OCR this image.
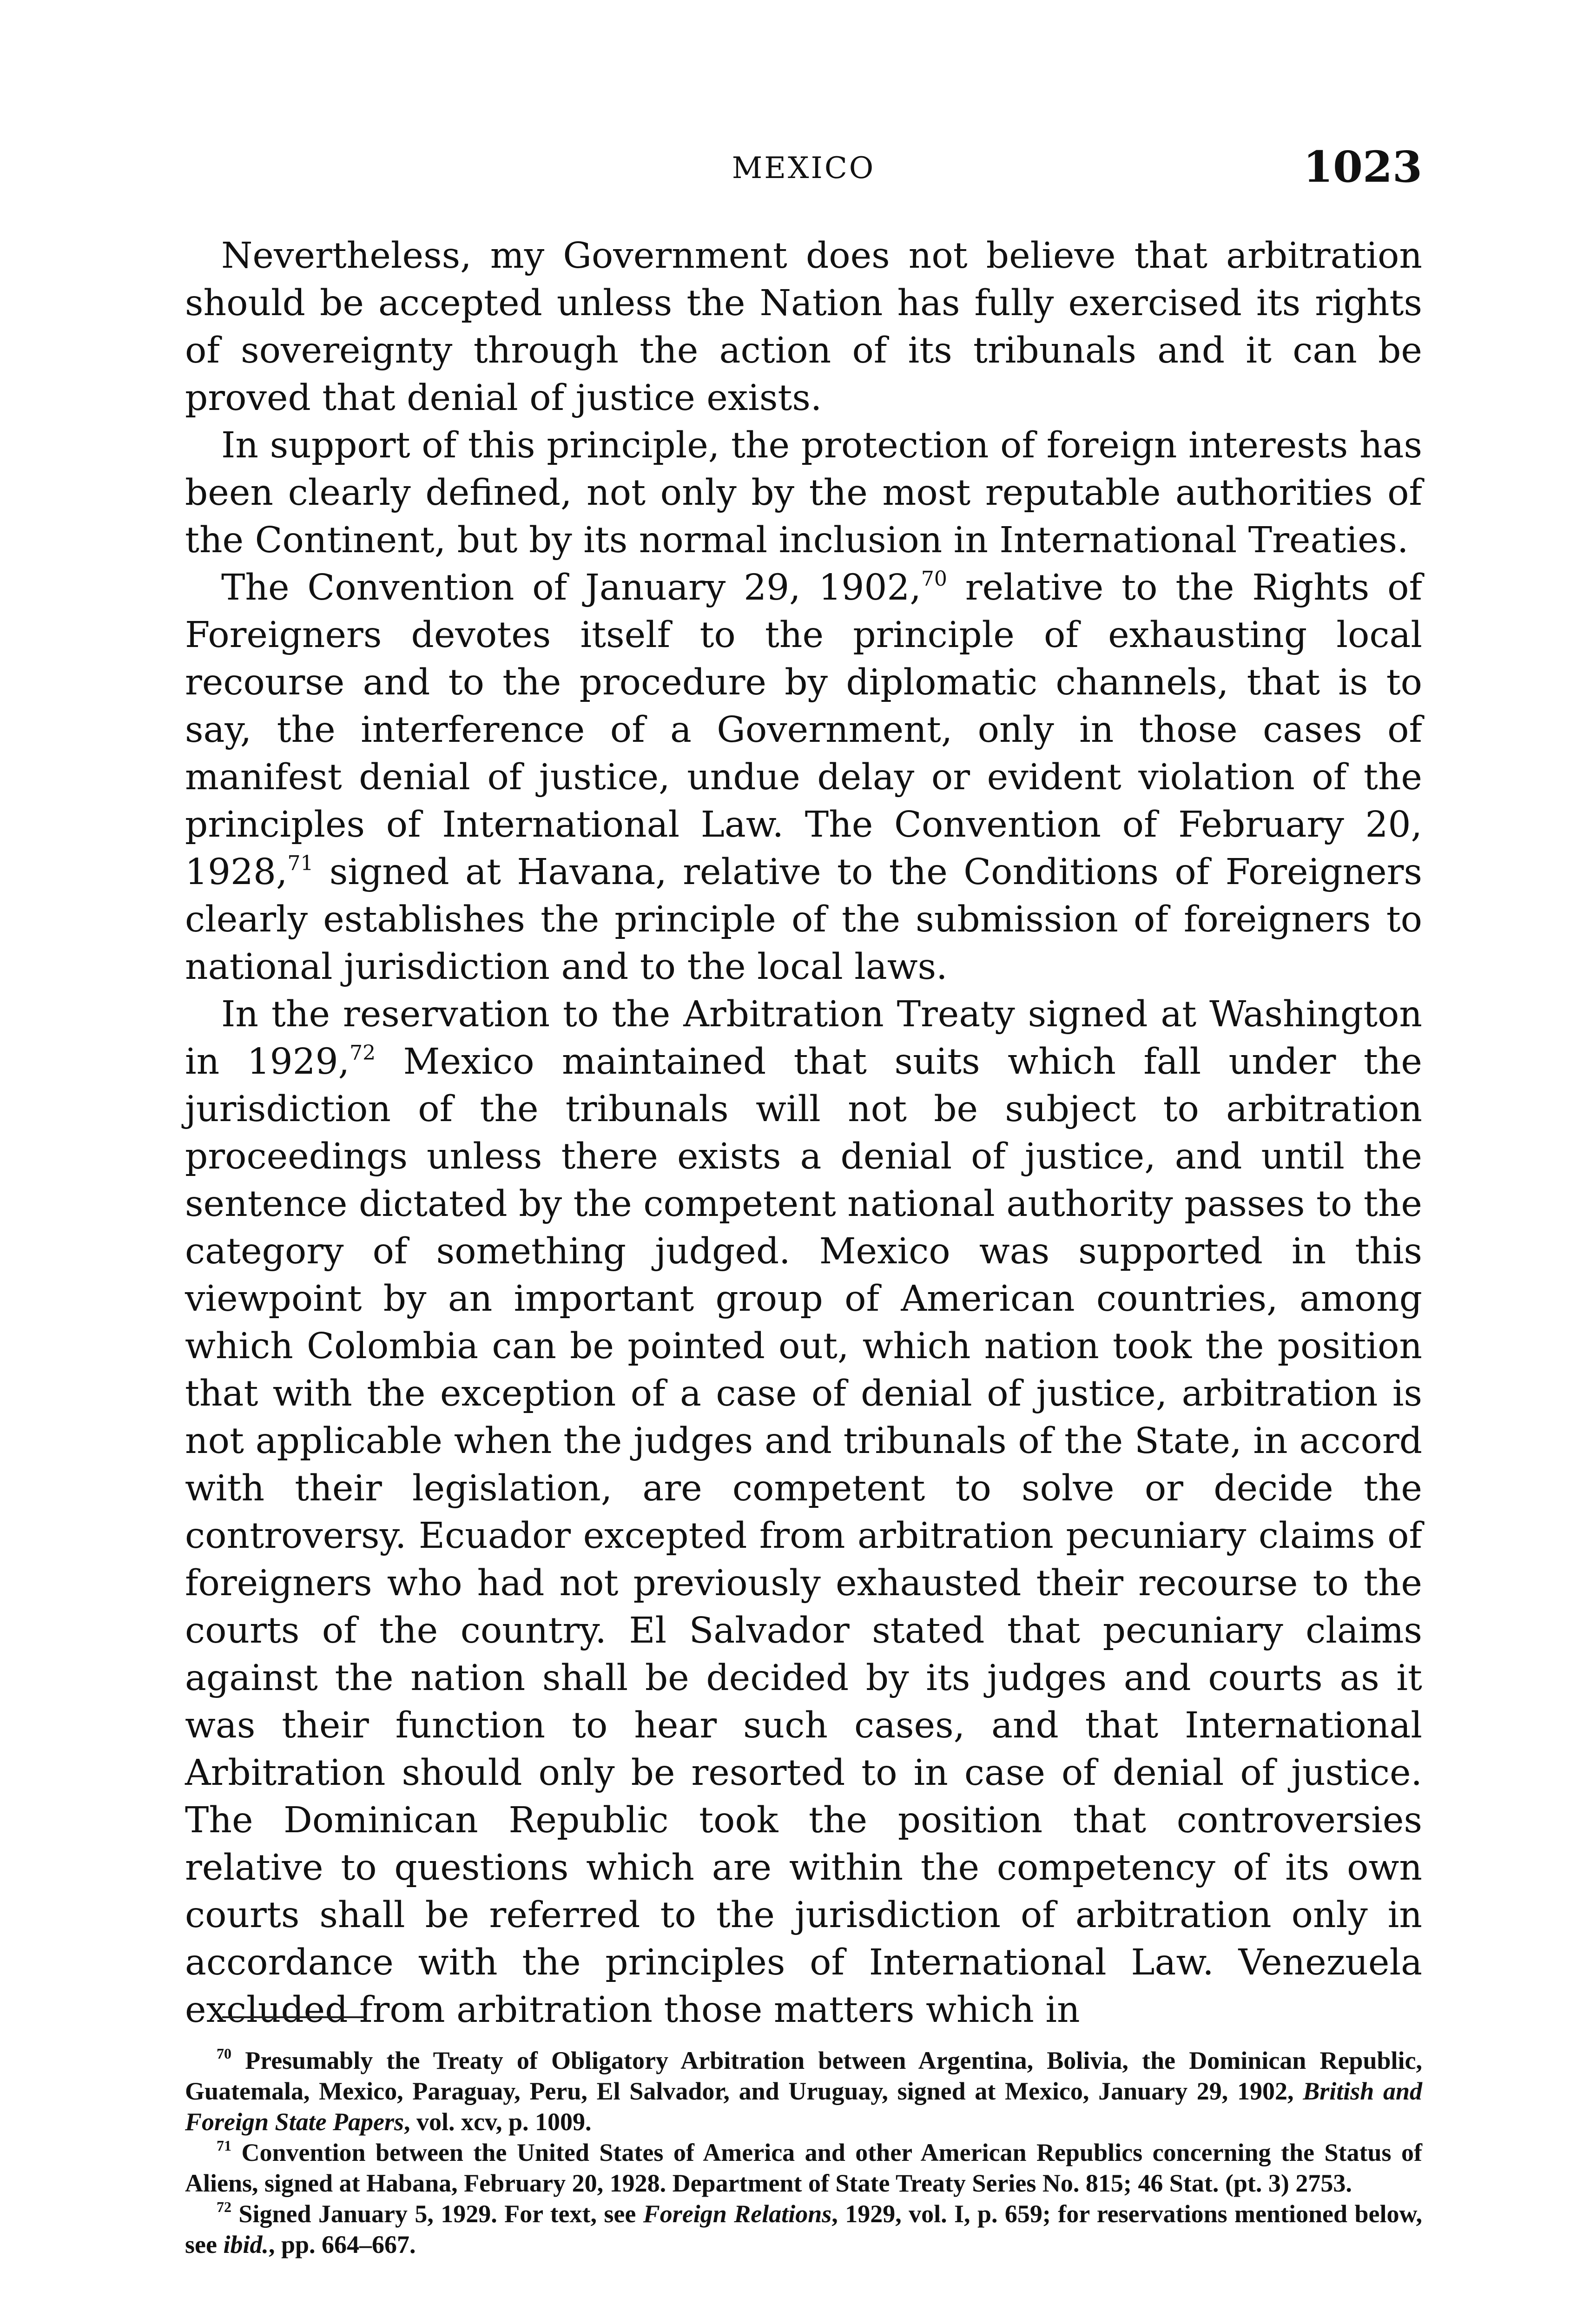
MEXICO	1023

Nevertheless, my Government does not believe that arbitration should be accepted unless the Nation has fully exercised its rights of sovereignty through the action of its tribunals and it can be proved that denial of justice exists.

In support of this principle, the protection of foreign interests has been clearly defined, not only by the most reputable authorities of the Continent, but by its normal inclusion in International Treaties.

The Convention of January 29, 1902,70 relative to the Rights of Foreigners devotes itself to the principle of exhausting local recourse and to the procedure by diplomatic channels, that is to say, the interference of a Government, only in those cases of manifest denial of justice, undue delay or evident violation of the principles of International Law. The Convention of February 20, 1928,71 signed at Havana, relative to the Conditions of Foreigners clearly establishes the principle of the submission of foreigners to national jurisdiction and to the local laws.

In the reservation to the Arbitration Treaty signed at Washington in 1929,72 Mexico maintained that suits which fall under the jurisdiction of the tribunals will not be subject to arbitration proceedings unless there exists a denial of justice, and until the sentence dictated by the competent national authority passes to the category of something judged. Mexico was supported in this viewpoint by an important group of American countries, among which Colombia can be pointed out, which nation took the position that with the exception of a case of denial of justice, arbitration is not applicable when the judges and tribunals of the State, in accord with their legislation, are competent to solve or decide the controversy. Ecuador excepted from arbitration pecuniary claims of foreigners who had not previously exhausted their recourse to the courts of the country. El Salvador stated that pecuniary claims against the nation shall be decided by its judges and courts as it was their function to hear such cases, and that International Arbitration should only be resorted to in case of denial of justice. The Dominican Republic took the position that controversies relative to questions which are within the competency of its own courts shall be referred to the jurisdiction of arbitration only in accordance with the principles of International Law. Venezuela excluded from arbitration those matters which in

$^{70}$ Presumably the Treaty of Obligatory Arbitration between Argentina, Bolivia, the Dominican Republic, Guatemala, Mexico, Paraguay, Peru, El Salvador, and Uruguay, signed at Mexico, January 29, 1902, British and Foreign State Papers, vol. xcv, p. 1009.

$^{71}$ Convention between the United States of America and other American Republics concerning the Status of Aliens, signed at Habana, February 20, 1928. Department of State Treaty Series No. 815; 46 Stat. (pt. 3) 2753.

$^{72}$ Signed January 5, 1929. For text, see Foreign Relations, 1929, vol. I, p. 659; for reservations mentioned below, see ibid., pp. 664–667.
